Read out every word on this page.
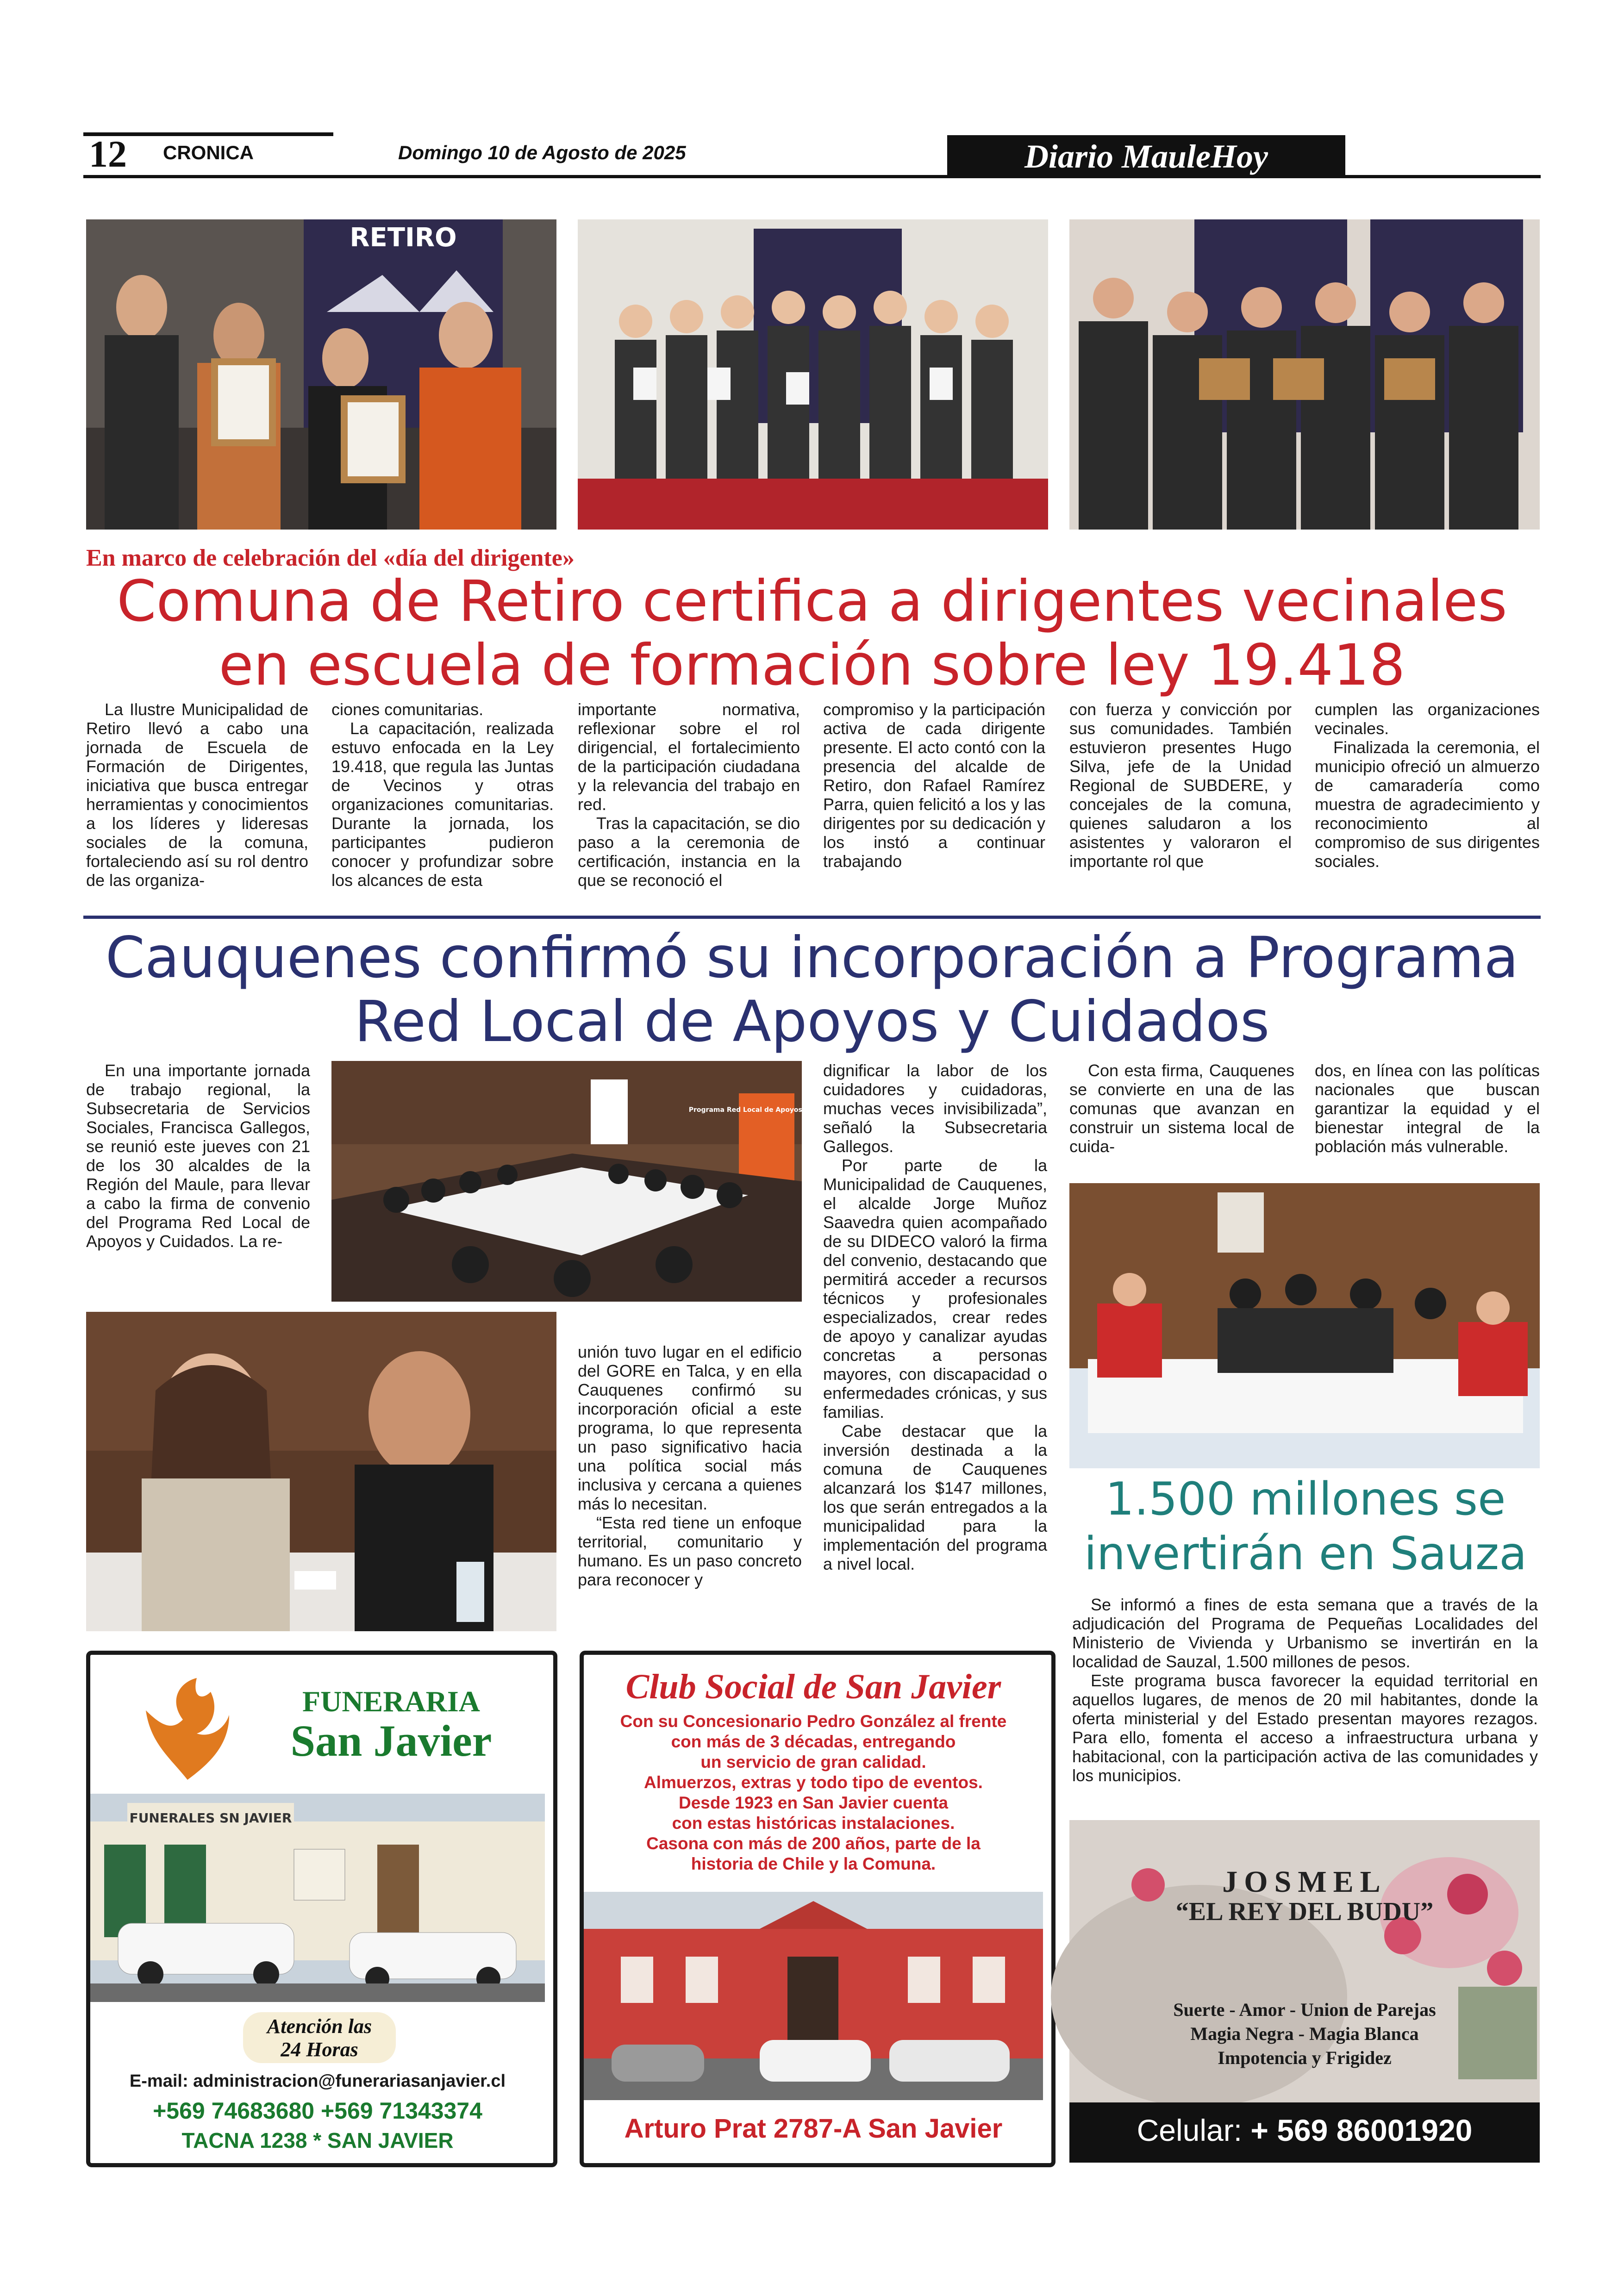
12 CRONICA	Domingo 10 de Agosto de 2025	Diario MauleHoy
RETIRO
En marco de celebración del «día del dirigente»
Comuna de Retiro certifica a dirigentes vecinales
en escuela de formación sobre ley 19.418

La Ilustre Municipalidad de Retiro llevó a cabo una jornada de Escuela de Formación de Dirigentes, iniciativa que busca entregar herramientas y conocimientos a los líderes y lideresas sociales de la comuna, fortaleciendo así su rol dentro de las organiza-

ciones comunitarias.

La capacitación, realizada estuvo enfocada en la Ley 19.418, que regula las Juntas de Vecinos y otras organizaciones comunitarias. Durante la jornada, los participantes pudieron conocer y profundizar sobre los alcances de esta

importante normativa, reflexionar sobre el rol dirigencial, el fortalecimiento de la participación ciudadana y la relevancia del trabajo en red.

Tras la capacitación, se dio paso a la ceremonia de certificación, instancia en la que se reconoció el

compromiso y la participación activa de cada dirigente presente. El acto contó con la presencia del alcalde de Retiro, don Rafael Ramírez Parra, quien felicitó a los y las dirigentes por su dedicación y los instó a continuar trabajando

con fuerza y convicción por sus comunidades. También estuvieron presentes Hugo Silva, jefe de la Unidad Regional de SUBDERE, y concejales de la comuna, quienes saludaron a los asistentes y valoraron el importante rol que

cumplen las organizaciones vecinales.

Finalizada la ceremonia, el municipio ofreció un almuerzo de camaradería como muestra de agradecimiento y reconocimiento al compromiso de sus dirigentes sociales.

Cauquenes confirmó su incorporación a Programa
Red Local de Apoyos y Cuidados

En una importante jornada de trabajo regional, la Subsecretaria de Servicios Sociales, Francisca Gallegos, se reunió este jueves con 21 de los 30 alcaldes de la Región del Maule, para llevar a cabo la firma de convenio del Programa Red Local de Apoyos y Cuidados. La re-

Programa Red Local de Apoyos y Cuidados

unión tuvo lugar en el edificio del GORE en Talca, y en ella Cauquenes confirmó su incorporación oficial a este programa, lo que representa un paso significativo hacia una política social más inclusiva y cercana a quienes más lo necesitan.

“Esta red tiene un enfoque territorial, comunitario y humano. Es un paso concreto para reconocer y

dignificar la labor de los cuidadores y cuidadoras, muchas veces invisibilizada”, señaló la Subsecretaria Gallegos.

Por parte de la Municipalidad de Cauquenes, el alcalde Jorge Muñoz Saavedra quien acompañado de su DIDECO valoró la firma del convenio, destacando que permitirá acceder a recursos técnicos y profesionales especializados, crear redes de apoyo y canalizar ayudas concretas a personas mayores, con discapacidad o enfermedades crónicas, y sus familias.

Cabe destacar que la inversión destinada a la comuna de Cauquenes alcanzará los $147 millones, los que serán entregados a la municipalidad para la implementación del programa a nivel local.

Con esta firma, Cauquenes se convierte en una de las comunas que avanzan en construir un sistema local de cuida-

dos, en línea con las políticas nacionales que buscan garantizar la equidad y el bienestar integral de la población más vulnerable.

1.500 millones se
invertirán en Sauza

Se informó a fines de esta semana que a través de la adjudicación del Programa de Pequeñas Localidades del Ministerio de Vivienda y Urbanismo se invertirán en la localidad de Sauzal, 1.500 millones de pesos.

Este programa busca favorecer la equidad territorial en aquellos lugares, de menos de 20 mil habitantes, donde la oferta ministerial y del Estado presentan mayores rezagos. Para ello, fomenta el acceso a infraestructura urbana y habitacional, con la participación activa de las comunidades y los municipios.

FUNERARIA
San Javier
FUNERALES SN JAVIER
Atención las
24 Horas
E-mail: administracion@funerariasanjavier.cl
+569 74683680 +569 71343374
TACNA 1238 * SAN JAVIER
Club Social de San Javier
Con su Concesionario Pedro González al frente
con más de 3 décadas, entregando
un servicio de gran calidad.
Almuerzos, extras y todo tipo de eventos.
Desde 1923 en San Javier cuenta
con estas históricas instalaciones.
Casona con más de 200 años, parte de la
historia de Chile y la Comuna.
Arturo Prat 2787-A San Javier
JOSMEL
“EL REY DEL BUDU”
Suerte - Amor - Union de Parejas
Magia Negra - Magia Blanca
Impotencia y Frigidez
Celular: + 569 86001920
